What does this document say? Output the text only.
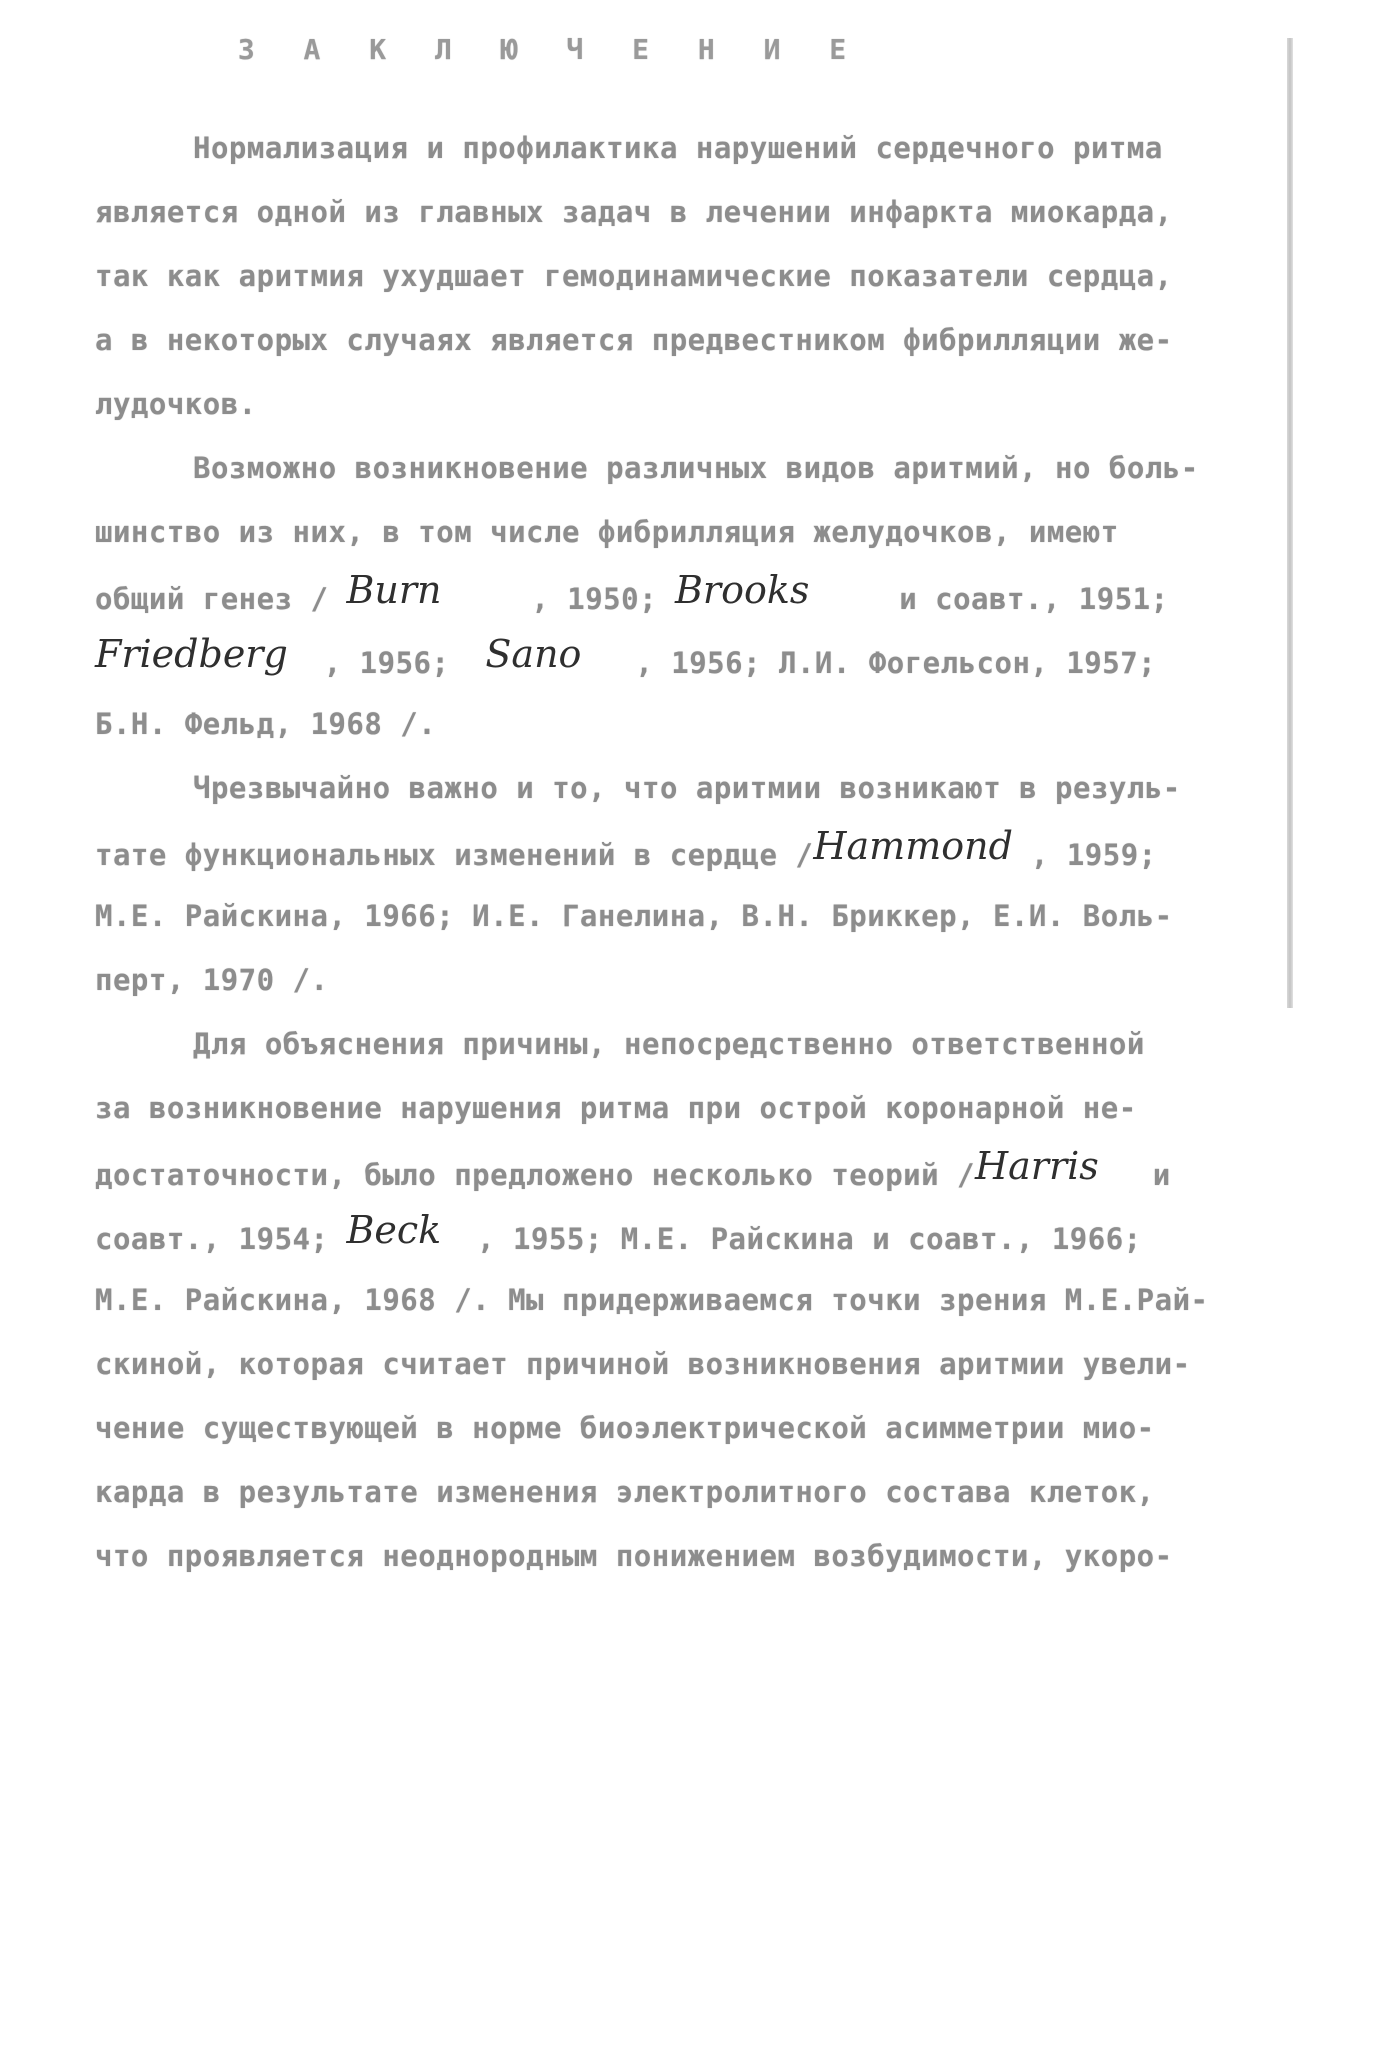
З А К Л Ю Ч Е Н И Е
Нормализация и профилактика нарушений сердечного ритма
является одной из главных задач в лечении инфаркта миокарда,
так как аритмия ухудшает гемодинамические показатели сердца,
а в некоторых случаях является предвестником фибрилляции же-
лудочков.
Возможно возникновение различных видов аритмий, но боль-
шинство из них, в том числе фибрилляция желудочков, имеют
общий генез / Burn	, 1950; Brooks	и соавт., 1951;
Friedberg , 1956; Sano , 1956; Л.И. Фогельсон, 1957;
Б.Н. Фельд, 1968 /.
Чрезвычайно важно и то, что аритмии возникают в резуль-
тате функциональных изменений в сердце /Hammond , 1959;
М.Е. Райскина, 1966; И.Е. Ганелина, В.Н. Бриккер, Е.И. Воль-
перт, 1970 /.
Для объяснения причины, непосредственно ответственной
за возникновение нарушения ритма при острой коронарной не-
достаточности, было предложено несколько теорий /Harris и
соавт., 1954; Beck , 1955; М.Е. Райскина и соавт., 1966;
М.Е. Райскина, 1968 /. Мы придерживаемся точки зрения М.Е.Рай-
скиной, которая считает причиной возникновения аритмии увели-
чение существующей в норме биоэлектрической асимметрии мио-
карда в результате изменения электролитного состава клеток,
что проявляется неоднородным понижением возбудимости, укоро-
